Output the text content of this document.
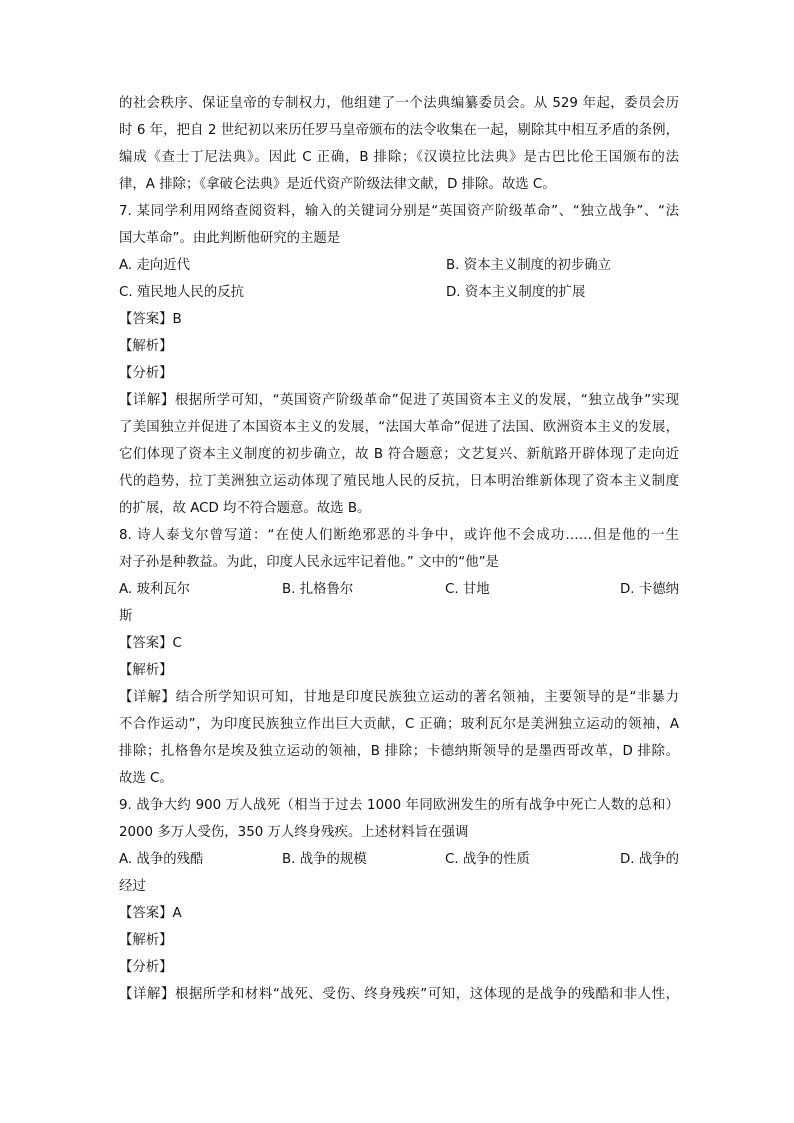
的社会秩序、保证皇帝的专制权力，他组建了一个法典编纂委员会。从 529 年起，委员会历
时 6 年，把自 2 世纪初以来历任罗马皇帝颁布的法令收集在一起，剔除其中相互矛盾的条例，
编成《查士丁尼法典》。因此 C 正确，B 排除；《汉谟拉比法典》是古巴比伦王国颁布的法
律，A 排除；《拿破仑法典》是近代资产阶级法律文献，D 排除。故选 C。
7. 某同学利用网络查阅资料，输入的关键词分别是“英国资产阶级革命”、“独立战争”、“法
国大革命”。由此判断他研究的主题是
A. 走向近代	B. 资本主义制度的初步确立
C. 殖民地人民的反抗	D. 资本主义制度的扩展
【答案】B
【解析】
【分析】
【详解】根据所学可知，“英国资产阶级革命”促进了英国资本主义的发展，“独立战争”实现
了美国独立并促进了本国资本主义的发展，“法国大革命”促进了法国、欧洲资本主义的发展，
它们体现了资本主义制度的初步确立，故 B 符合题意；文艺复兴、新航路开辟体现了走向近
代的趋势，拉丁美洲独立运动体现了殖民地人民的反抗，日本明治维新体现了资本主义制度
的扩展，故 ACD 均不符合题意。故选 B。
8. 诗人泰戈尔曾写道：“在使人们断绝邪恶的斗争中，或许他不会成功……但是他的一生
对子孙是种教益。为此，印度人民永远牢记着他。” 文中的“他”是
A. 玻利瓦尔	B. 扎格鲁尔	C. 甘地	D. 卡德纳
斯
【答案】C
【解析】
【详解】结合所学知识可知，甘地是印度民族独立运动的著名领袖，主要领导的是“非暴力
不合作运动”，为印度民族独立作出巨大贡献，C 正确；玻利瓦尔是美洲独立运动的领袖，A
排除；扎格鲁尔是埃及独立运动的领袖，B 排除；卡德纳斯领导的是墨西哥改革，D 排除。
故选 C。
9. 战争大约 900 万人战死（相当于过去 1000 年同欧洲发生的所有战争中死亡人数的总和）
2000 多万人受伤，350 万人终身残疾。上述材料旨在强调
A. 战争的残酷	B. 战争的规模	C. 战争的性质	D. 战争的
经过
【答案】A
【解析】
【分析】
【详解】根据所学和材料“战死、受伤、终身残疾”可知，这体现的是战争的残酷和非人性，
